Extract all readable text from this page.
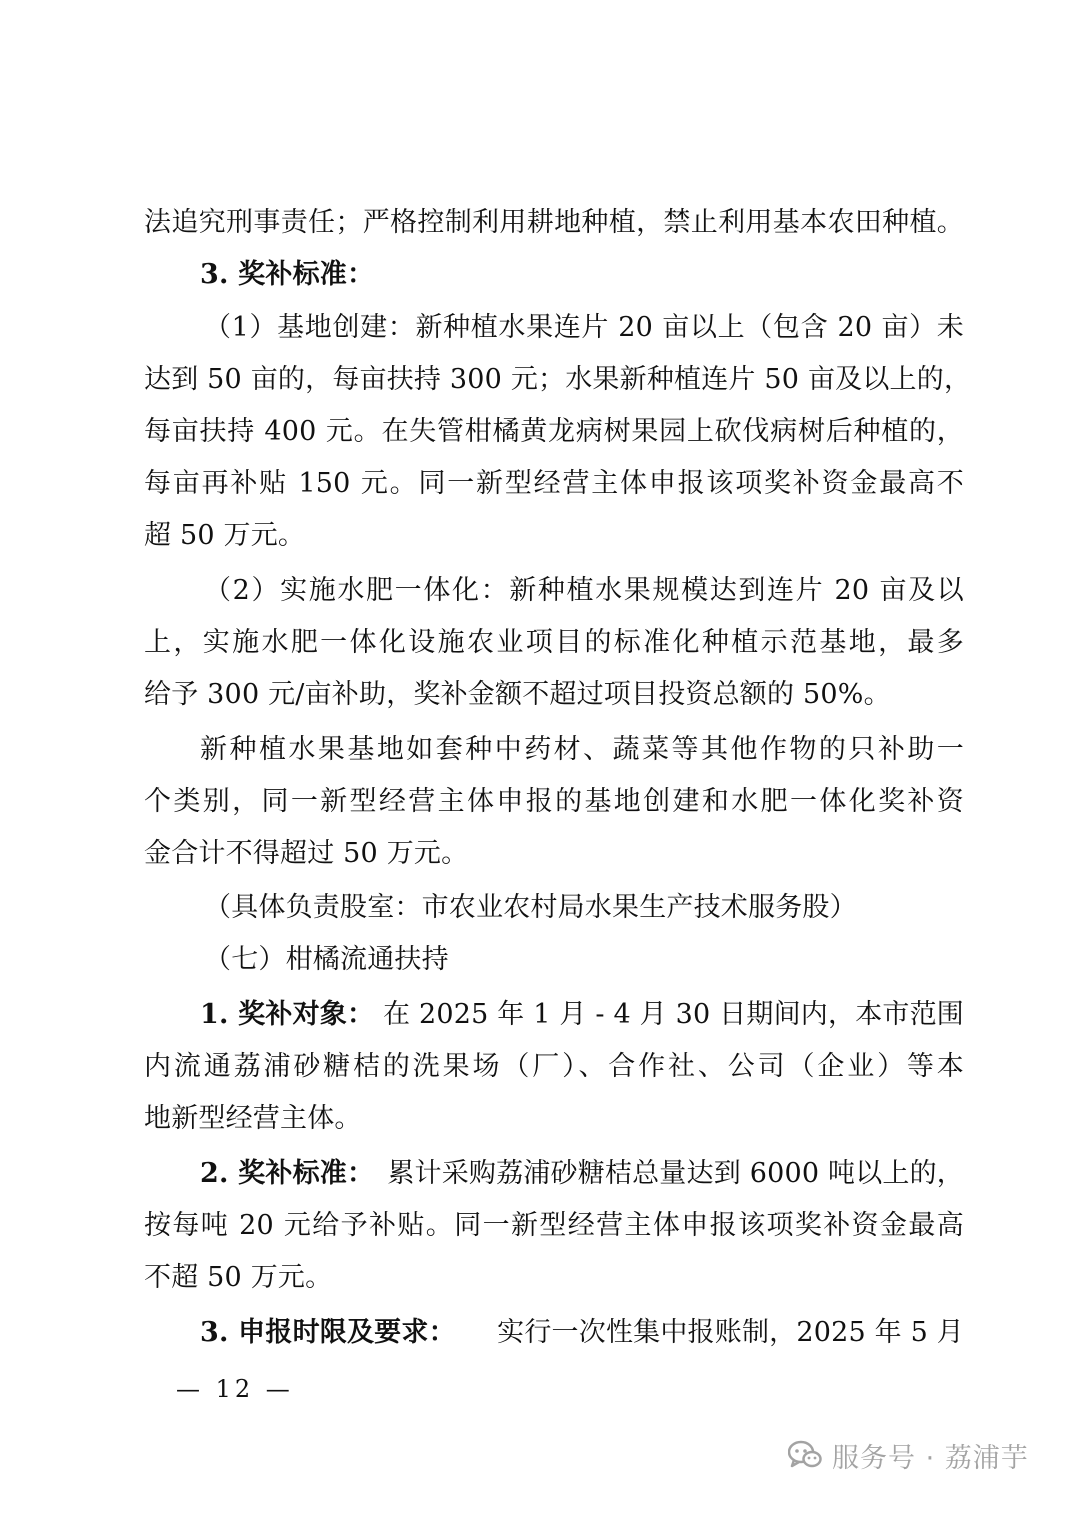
法追究刑事责任；严格控制利用耕地种植，禁止利用基本农田种植。
3. 奖补标准：
（1）基地创建：新种植水果连片 20 亩以上（包含 20 亩）未
达到 50 亩的，每亩扶持 300 元；水果新种植连片 50 亩及以上的，
每亩扶持 400 元。在失管柑橘黄龙病树果园上砍伐病树后种植的，
每亩再补贴 150 元。同一新型经营主体申报该项奖补资金最高不
超 50 万元。
（2）实施水肥一体化：新种植水果规模达到连片 20 亩及以
上，实施水肥一体化设施农业项目的标准化种植示范基地，最多
给予 300 元/亩补助，奖补金额不超过项目投资总额的 50%。
新种植水果基地如套种中药材、蔬菜等其他作物的只补助一
个类别，同一新型经营主体申报的基地创建和水肥一体化奖补资
金合计不得超过 50 万元。
（具体负责股室：市农业农村局水果生产技术服务股）
（七）柑橘流通扶持
1. 奖补对象： 在 2025 年 1 月 - 4 月 30 日期间内，本市范围
内流通荔浦砂糖桔的洗果场（厂）、合作社、公司（企业）等本
地新型经营主体。
2. 奖补标准： 累计采购荔浦砂糖桔总量达到 6000 吨以上的，
按每吨 20 元给予补贴。同一新型经营主体申报该项奖补资金最高
不超 50 万元。
3. 申报时限及要求： 实行一次性集中报账制，2025 年 5 月
— 12 —
服务号 · 荔浦芋
